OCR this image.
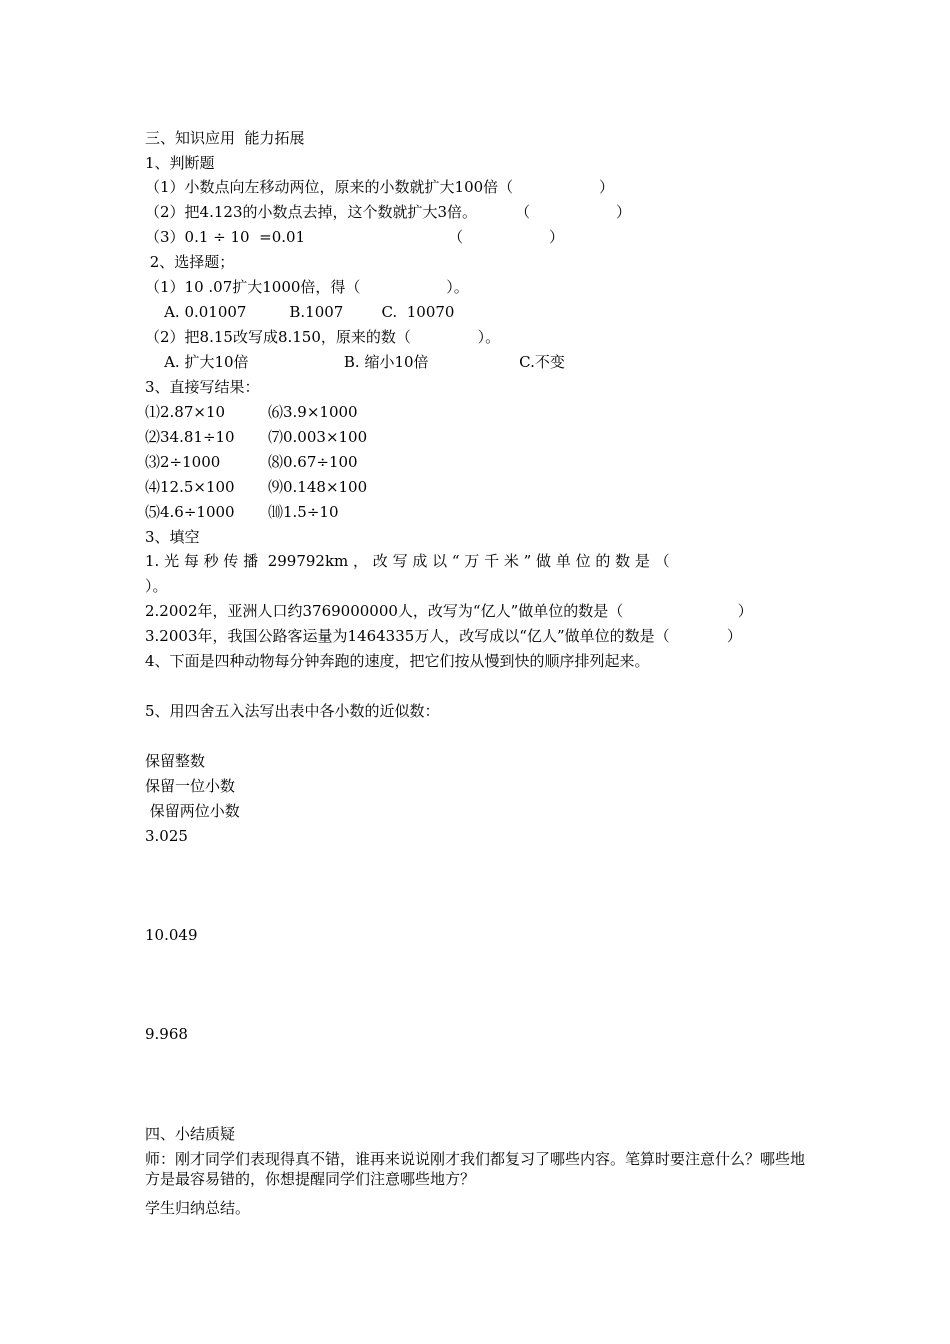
三、知识应用  能力拓展
1、判断题
（1）小数点向左移动两位，原来的小数就扩大100倍（                  ）
（2）把4.123的小数点去掉，这个数就扩大3倍。        （                  ）
（3）0.1 ÷ 10  =0.01                              （                  ）
2、选择题；
（1）10 .07扩大1000倍，得（                  ）。
A. 0.01007         B.1007        C.  10070
（2）把8.15改写成8.150，原来的数（              ）。
A. 扩大10倍                    B. 缩小10倍                   C.不变
3、直接写结果：
⑴2.87×10	⑹3.9×1000
⑵34.81÷10 ⑺0.003×100
⑶2÷1000	⑻0.67÷100
⑷12.5×100 ⑼0.148×100
⑸4.6÷1000 ⑽1.5÷10
3、填空
1. 光 每 秒 传 播  299792km ， 改 写 成 以 “ 万 千 米 ” 做 单 位 的 数 是 （
）。
2.2002年，亚洲人口约3769000000人，改写为“亿人”做单位的数是（                        ）
3.2003年，我国公路客运量为1464335万人，改写成以“亿人”做单位的数是（            ）
4、下面是四种动物每分钟奔跑的速度，把它们按从慢到快的顺序排列起来。
5、用四舍五入法写出表中各小数的近似数：
保留整数
保留一位小数
保留两位小数
3.025
10.049
9.968
四、小结质疑
师：刚才同学们表现得真不错，谁再来说说刚才我们都复习了哪些内容。笔算时要注意什么？哪些地方是最容易错的，你想提醒同学们注意哪些地方？
学生归纳总结。
